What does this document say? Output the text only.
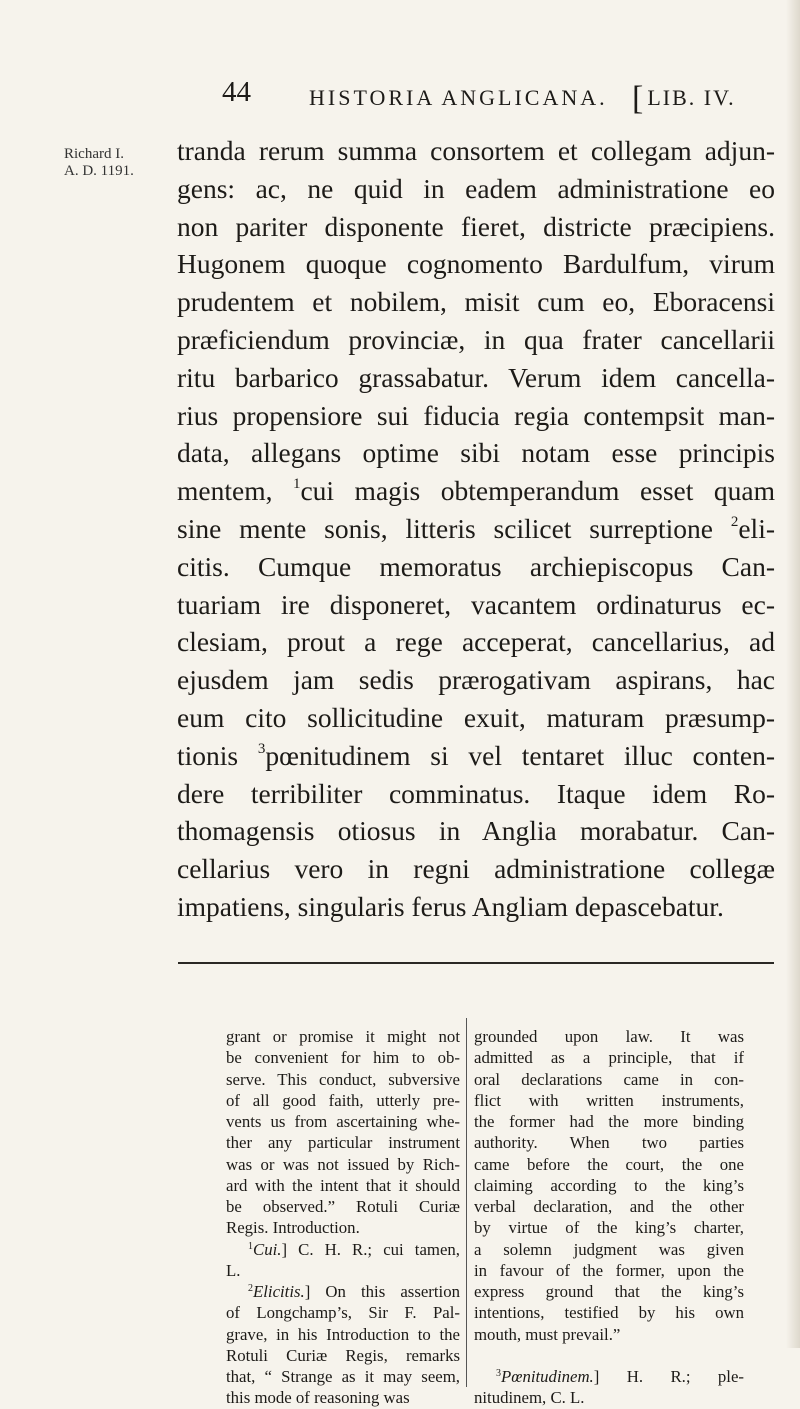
44	HISTORIA ANGLICANA. [LIB. IV.
Richard I.
A. D. 1191.
tranda rerum summa consortem et collegam adjun-
gens: ac, ne quid in eadem administratione eo
non pariter disponente fieret, districte præcipiens.
Hugonem quoque cognomento Bardulfum, virum
prudentem et nobilem, misit cum eo, Eboracensi
præficiendum provinciæ, in qua frater cancellarii
ritu barbarico grassabatur. Verum idem cancella-
rius propensiore sui fiducia regia contempsit man-
data, allegans optime sibi notam esse principis
mentem, $^1$cui magis obtemperandum esset quam
sine mente sonis, litteris scilicet surreptione $^2$eli-
citis. Cumque memoratus archiepiscopus Can-
tuariam ire disponeret, vacantem ordinaturus ec-
clesiam, prout a rege acceperat, cancellarius, ad
ejusdem jam sedis prærogativam aspirans, hac
eum cito sollicitudine exuit, maturam præsump-
tionis $^3$pœnitudinem si vel tentaret illuc conten-
dere terribiliter comminatus. Itaque idem Ro-
thomagensis otiosus in Anglia morabatur. Can-
cellarius vero in regni administratione collegæ
impatiens, singularis ferus Angliam depascebatur.
grant or promise it might not
be convenient for him to ob-
serve. This conduct, subversive
of all good faith, utterly pre-
vents us from ascertaining whe-
ther any particular instrument
was or was not issued by Rich-
ard with the intent that it should
be observed.” Rotuli Curiæ
Regis. Introduction.
$^1$Cui.] C. H. R.; cui tamen,
L.
$^2$Elicitis.] On this assertion
of Longchamp’s, Sir F. Pal-
grave, in his Introduction to the
Rotuli Curiæ Regis, remarks
that, “ Strange as it may seem,
this mode of reasoning was
grounded upon law. It was
admitted as a principle, that if
oral declarations came in con-
flict with written instruments,
the former had the more binding
authority. When two parties
came before the court, the one
claiming according to the king’s
verbal declaration, and the other
by virtue of the king’s charter,
a solemn judgment was given
in favour of the former, upon the
express ground that the king’s
intentions, testified by his own
mouth, must prevail.”

$^3$Pœnitudinem.] H. R.; ple-
nitudinem, C. L.
